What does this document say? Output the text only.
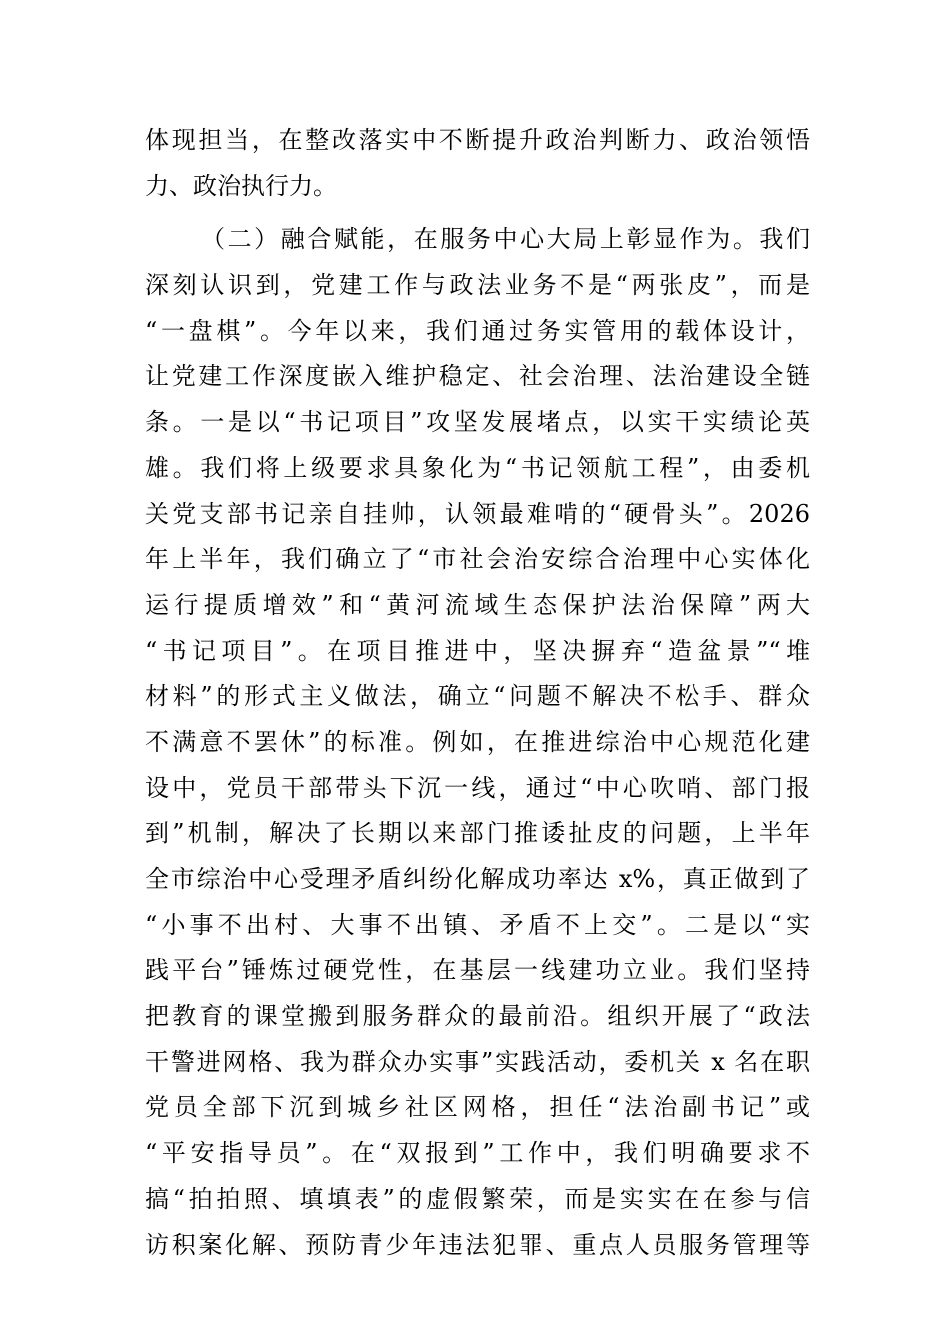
体现担当，在整改落实中不断提升政治判断力、政治领悟
力、政治执行力。
（二）融合赋能，在服务中心大局上彰显作为。我们
深刻认识到，党建工作与政法业务不是“两张皮”，而是
“一盘棋”。今年以来，我们通过务实管用的载体设计，
让党建工作深度嵌入维护稳定、社会治理、法治建设全链
条。一是以“书记项目”攻坚发展堵点，以实干实绩论英
雄。我们将上级要求具象化为“书记领航工程”，由委机
关党支部书记亲自挂帅，认领最难啃的“硬骨头”。2026
年上半年，我们确立了“市社会治安综合治理中心实体化
运行提质增效”和“黄河流域生态保护法治保障”两大
“书记项目”。在项目推进中，坚决摒弃“造盆景”“堆
材料”的形式主义做法，确立“问题不解决不松手、群众
不满意不罢休”的标准。例如，在推进综治中心规范化建
设中，党员干部带头下沉一线，通过“中心吹哨、部门报
到”机制，解决了长期以来部门推诿扯皮的问题，上半年
全市综治中心受理矛盾纠纷化解成功率达 x%，真正做到了
“小事不出村、大事不出镇、矛盾不上交”。二是以“实
践平台”锤炼过硬党性，在基层一线建功立业。我们坚持
把教育的课堂搬到服务群众的最前沿。组织开展了“政法
干警进网格、我为群众办实事”实践活动，委机关 x 名在职
党员全部下沉到城乡社区网格，担任“法治副书记”或
“平安指导员”。在“双报到”工作中，我们明确要求不
搞“拍拍照、填填表”的虚假繁荣，而是实实在在参与信
访积案化解、预防青少年违法犯罪、重点人员服务管理等
